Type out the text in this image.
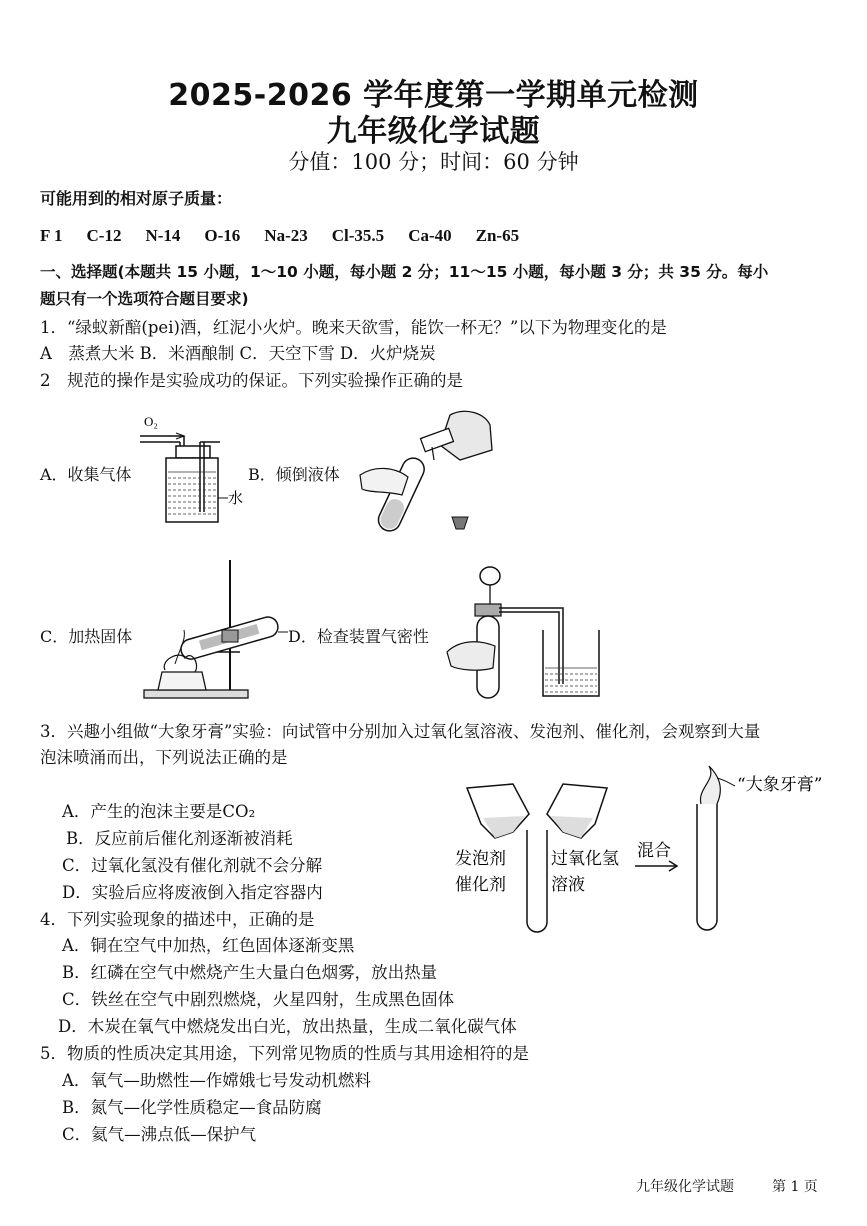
2025-2026 学年度第一学期单元检测
九年级化学试题
分值：100 分；时间：60 分钟
可能用到的相对原子质量：
F 1 C-12 N-14 O-16 Na-23 Cl-35.5 Ca-40 Zn-65
一、选择题(本题共 15 小题，1～10 小题，每小题 2 分；11～15 小题，每小题 3 分；共 35 分。每小
题只有一个选项符合题目要求)
1．“绿蚁新醅(pei)酒，红泥小火炉。晚来天欲雪，能饮一杯无？”以下为物理变化的是
A　蒸煮大米 B．米酒酿制 C．天空下雪 D．火炉烧炭
2　规范的操作是实验成功的保证。下列实验操作正确的是
A．收集气体	B．倾倒液体
C．加热固体	D．检查装置气密性
O₂
水
3．兴趣小组做“大象牙膏”实验：向试管中分别加入过氧化氢溶液、发泡剂、催化剂，会观察到大量
泡沫喷涌而出，下列说法正确的是
A．产生的泡沫主要是CO₂
B．反应前后催化剂逐渐被消耗
C．过氧化氢没有催化剂就不会分解
D．实验后应将废液倒入指定容器内
发泡剂
催化剂
过氧化氢
溶液
混合
“大象牙膏”
4．下列实验现象的描述中，正确的是
A．铜在空气中加热，红色固体逐渐变黑
B．红磷在空气中燃烧产生大量白色烟雾，放出热量
C．铁丝在空气中剧烈燃烧，火星四射，生成黑色固体
D．木炭在氧气中燃烧发出白光，放出热量，生成二氧化碳气体
5．物质的性质决定其用途，下列常见物质的性质与其用途相符的是
A．氧气—助燃性—作嫦娥七号发动机燃料
B．氮气—化学性质稳定—食品防腐
C．氦气—沸点低—保护气
九年级化学试题	第 1 页
